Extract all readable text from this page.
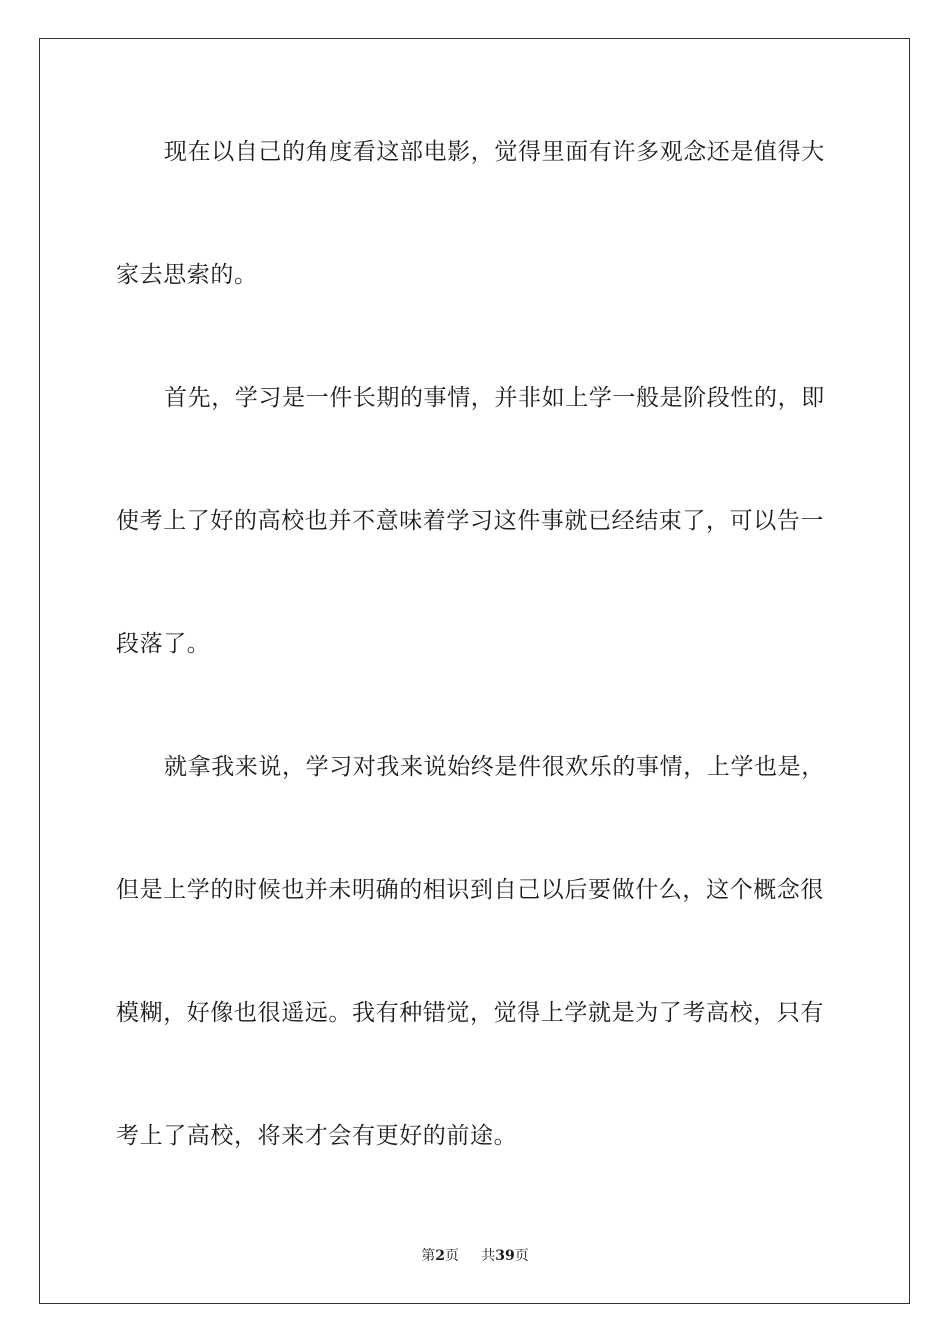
现在以自己的角度看这部电影，觉得里面有许多观念还是值得大
家去思索的。
首先，学习是一件长期的事情，并非如上学一般是阶段性的，即
使考上了好的高校也并不意味着学习这件事就已经结束了，可以告一
段落了。
就拿我来说，学习对我来说始终是件很欢乐的事情，上学也是，
但是上学的时候也并未明确的相识到自己以后要做什么，这个概念很
模糊，好像也很遥远。我有种错觉，觉得上学就是为了考高校，只有
考上了高校，将来才会有更好的前途。
第2页 共39页
